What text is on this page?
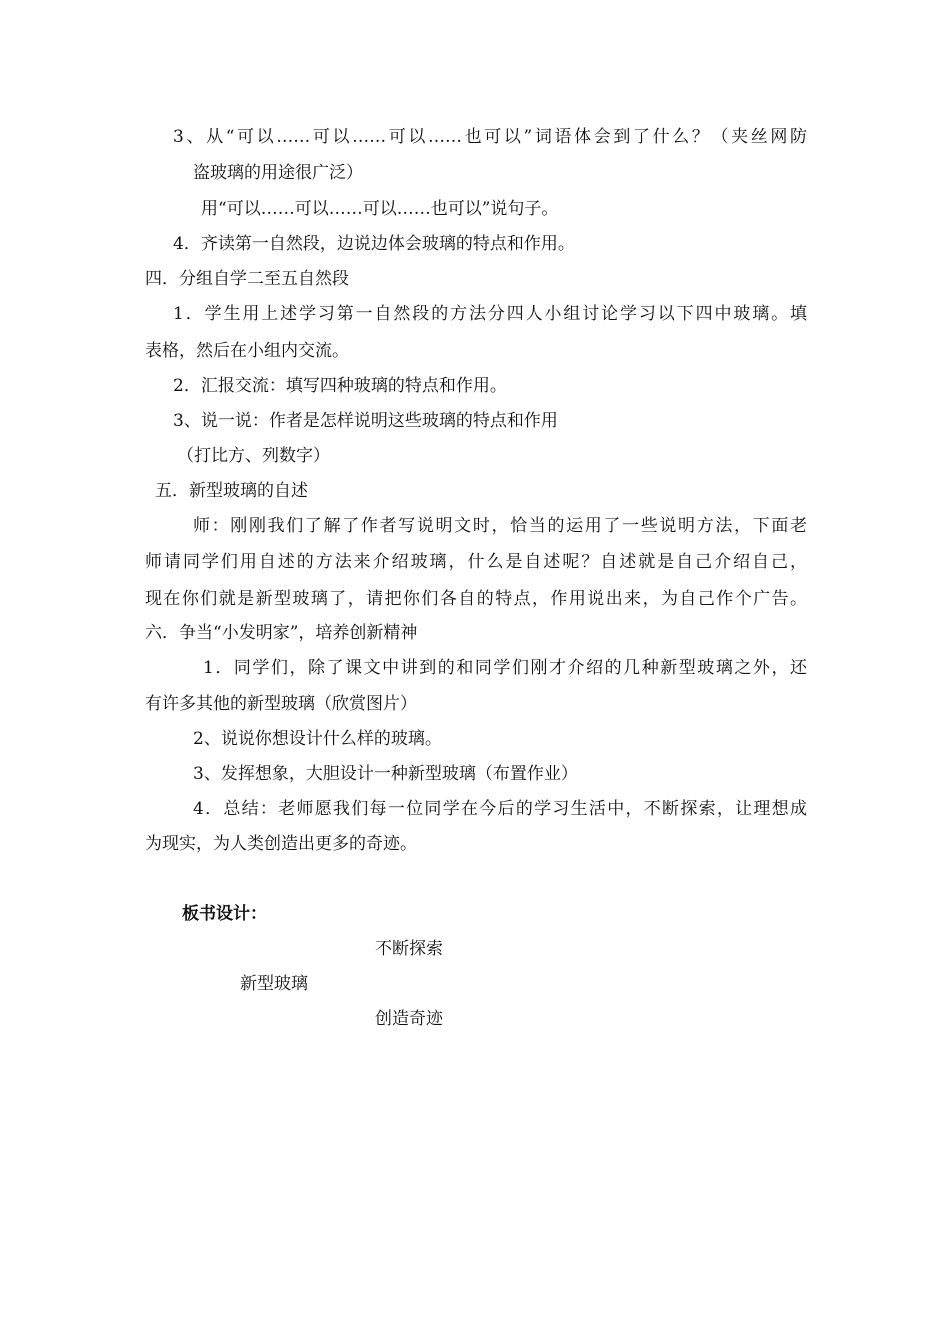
3、从“可以……可以……可以……也可以”词语体会到了什么？（夹丝网防

盗玻璃的用途很广泛）

用“可以……可以……可以……也可以”说句子。

4．齐读第一自然段，边说边体会玻璃的特点和作用。

四．分组自学二至五自然段

1．学生用上述学习第一自然段的方法分四人小组讨论学习以下四中玻璃。填

表格，然后在小组内交流。

2．汇报交流：填写四种玻璃的特点和作用。

3、说一说：作者是怎样说明这些玻璃的特点和作用

（打比方、列数字）

五．新型玻璃的自述

师：刚刚我们了解了作者写说明文时，恰当的运用了一些说明方法，下面老

师请同学们用自述的方法来介绍玻璃，什么是自述呢？自述就是自己介绍自己，

现在你们就是新型玻璃了，请把你们各自的特点，作用说出来，为自己作个广告。

六．争当“小发明家”，培养创新精神

1．同学们，除了课文中讲到的和同学们刚才介绍的几种新型玻璃之外，还

有许多其他的新型玻璃（欣赏图片）

2、说说你想设计什么样的玻璃。

3、发挥想象，大胆设计一种新型玻璃（布置作业）

4．总结：老师愿我们每一位同学在今后的学习生活中，不断探索，让理想成

为现实，为人类创造出更多的奇迹。

板书设计：

不断探索

新型玻璃

创造奇迹
